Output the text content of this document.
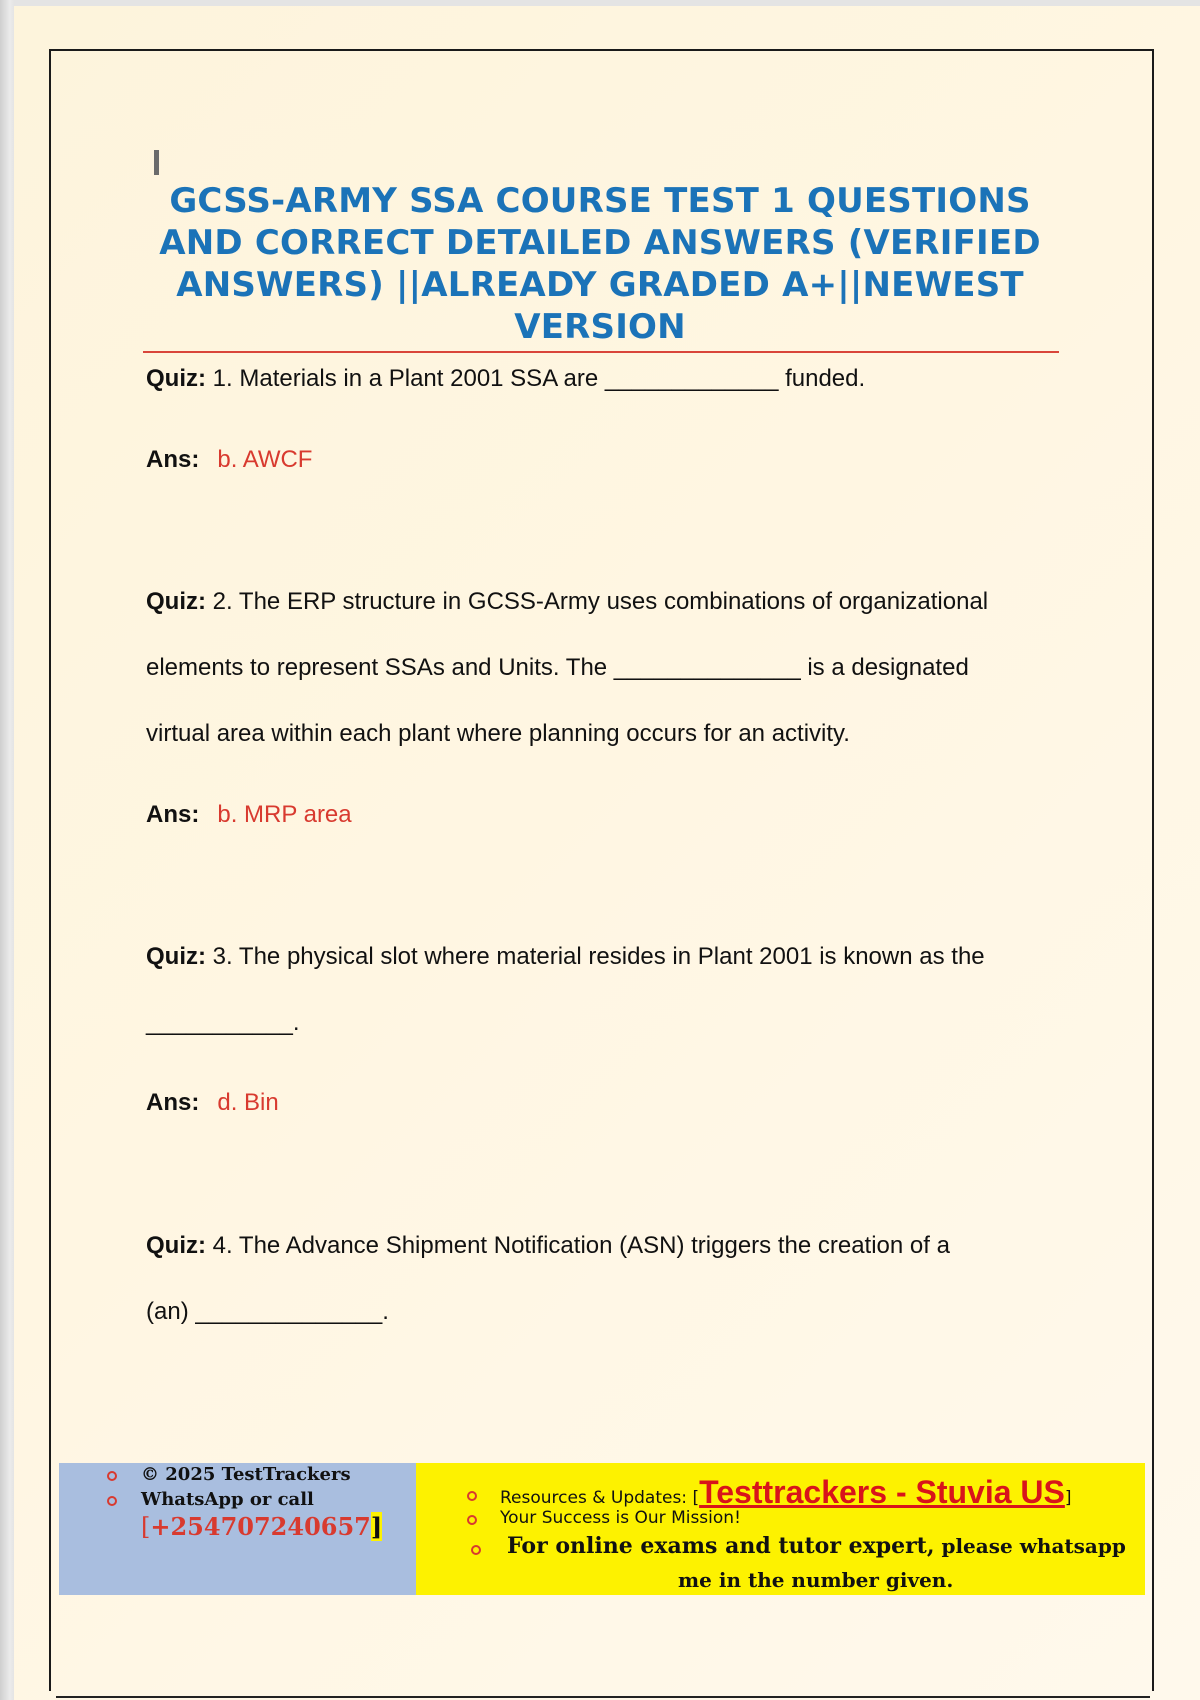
GCSS-ARMY SSA COURSE TEST 1 QUESTIONS
AND CORRECT DETAILED ANSWERS (VERIFIED
ANSWERS) ||ALREADY GRADED A+||NEWEST
VERSION
Quiz: 1. Materials in a Plant 2001 SSA are _____________ funded.
Ans: b. AWCF
Quiz: 2. The ERP structure in GCSS-Army uses combinations of organizational
elements to represent SSAs and Units. The ______________ is a designated
virtual area within each plant where planning occurs for an activity.
Ans: b. MRP area
Quiz: 3. The physical slot where material resides in Plant 2001 is known as the
___________.
Ans: d. Bin
Quiz: 4. The Advance Shipment Notification (ASN) triggers the creation of a
(an) ______________.
© 2025 TestTrackers
WhatsApp or call
[+254707240657]
Resources & Updates: [Testtrackers - Stuvia US]
Your Success is Our Mission!
For online exams and tutor expert, please whatsapp
me in the number given.
